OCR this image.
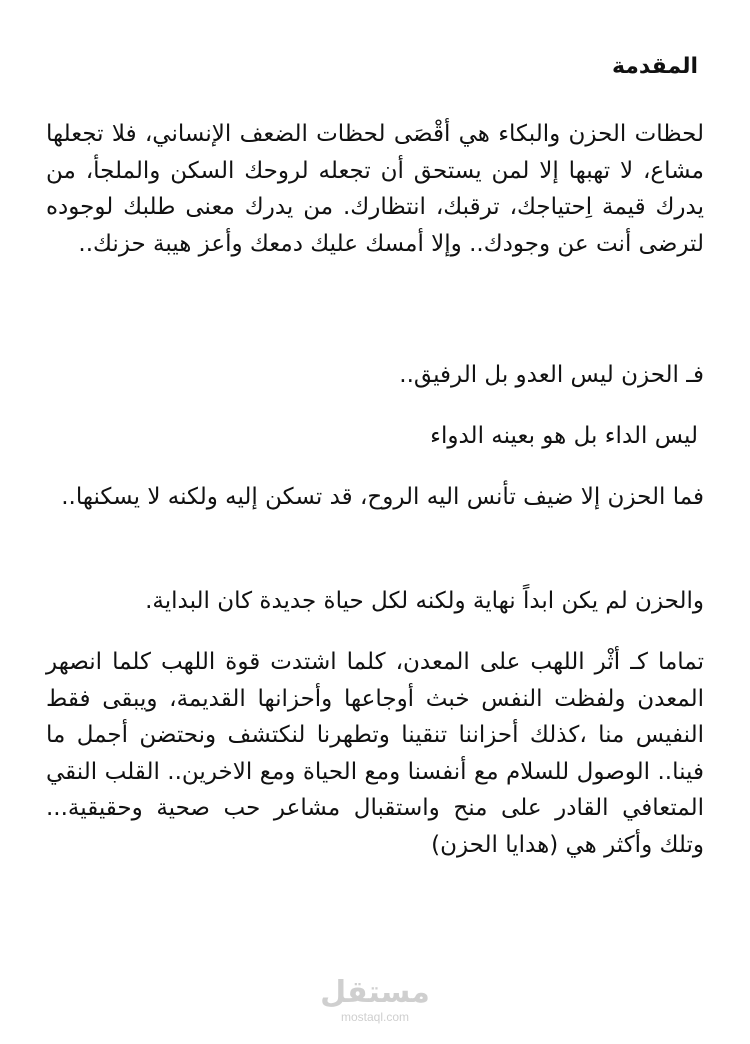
المقدمة

لحظات الحزن والبكاء هي أقْصَى لحظات الضعف الإنساني، فلا تجعلها مشاع، لا تهبها إلا لمن يستحق أن تجعله لروحك السكن والملجأ، من يدرك قيمة اِحتياجك، ترقبك، انتظارك. من يدرك معنى طلبك لوجوده لترضى أنت عن وجودك.. وإلا أمسك عليك دمعك وأعز هيبة حزنك..

فـ الحزن ليس العدو بل الرفيق..

ليس الداء بل هو بعينه الدواء

فما الحزن إلا ضيف تأنس اليه الروح، قد تسكن إليه ولكنه لا يسكنها..

والحزن لم يكن ابداً نهاية ولكنه لكل حياة جديدة كان البداية.

تماما كـ أثْر اللهب على المعدن، كلما اشتدت قوة اللهب كلما انصهر المعدن ولفظت النفس خبث أوجاعها وأحزانها القديمة، ويبقى فقط النفيس منا ،كذلك أحزاننا تنقينا وتطهرنا لنكتشف ونحتضن أجمل ما فينا.. الوصول للسلام مع أنفسنا ومع الحياة ومع الاخرين.. القلب النقي المتعافي القادر على منح واستقبال مشاعر حب صحية وحقيقية... وتلك وأكثر هي (هدايا الحزن)

مستقل
mostaql.com
